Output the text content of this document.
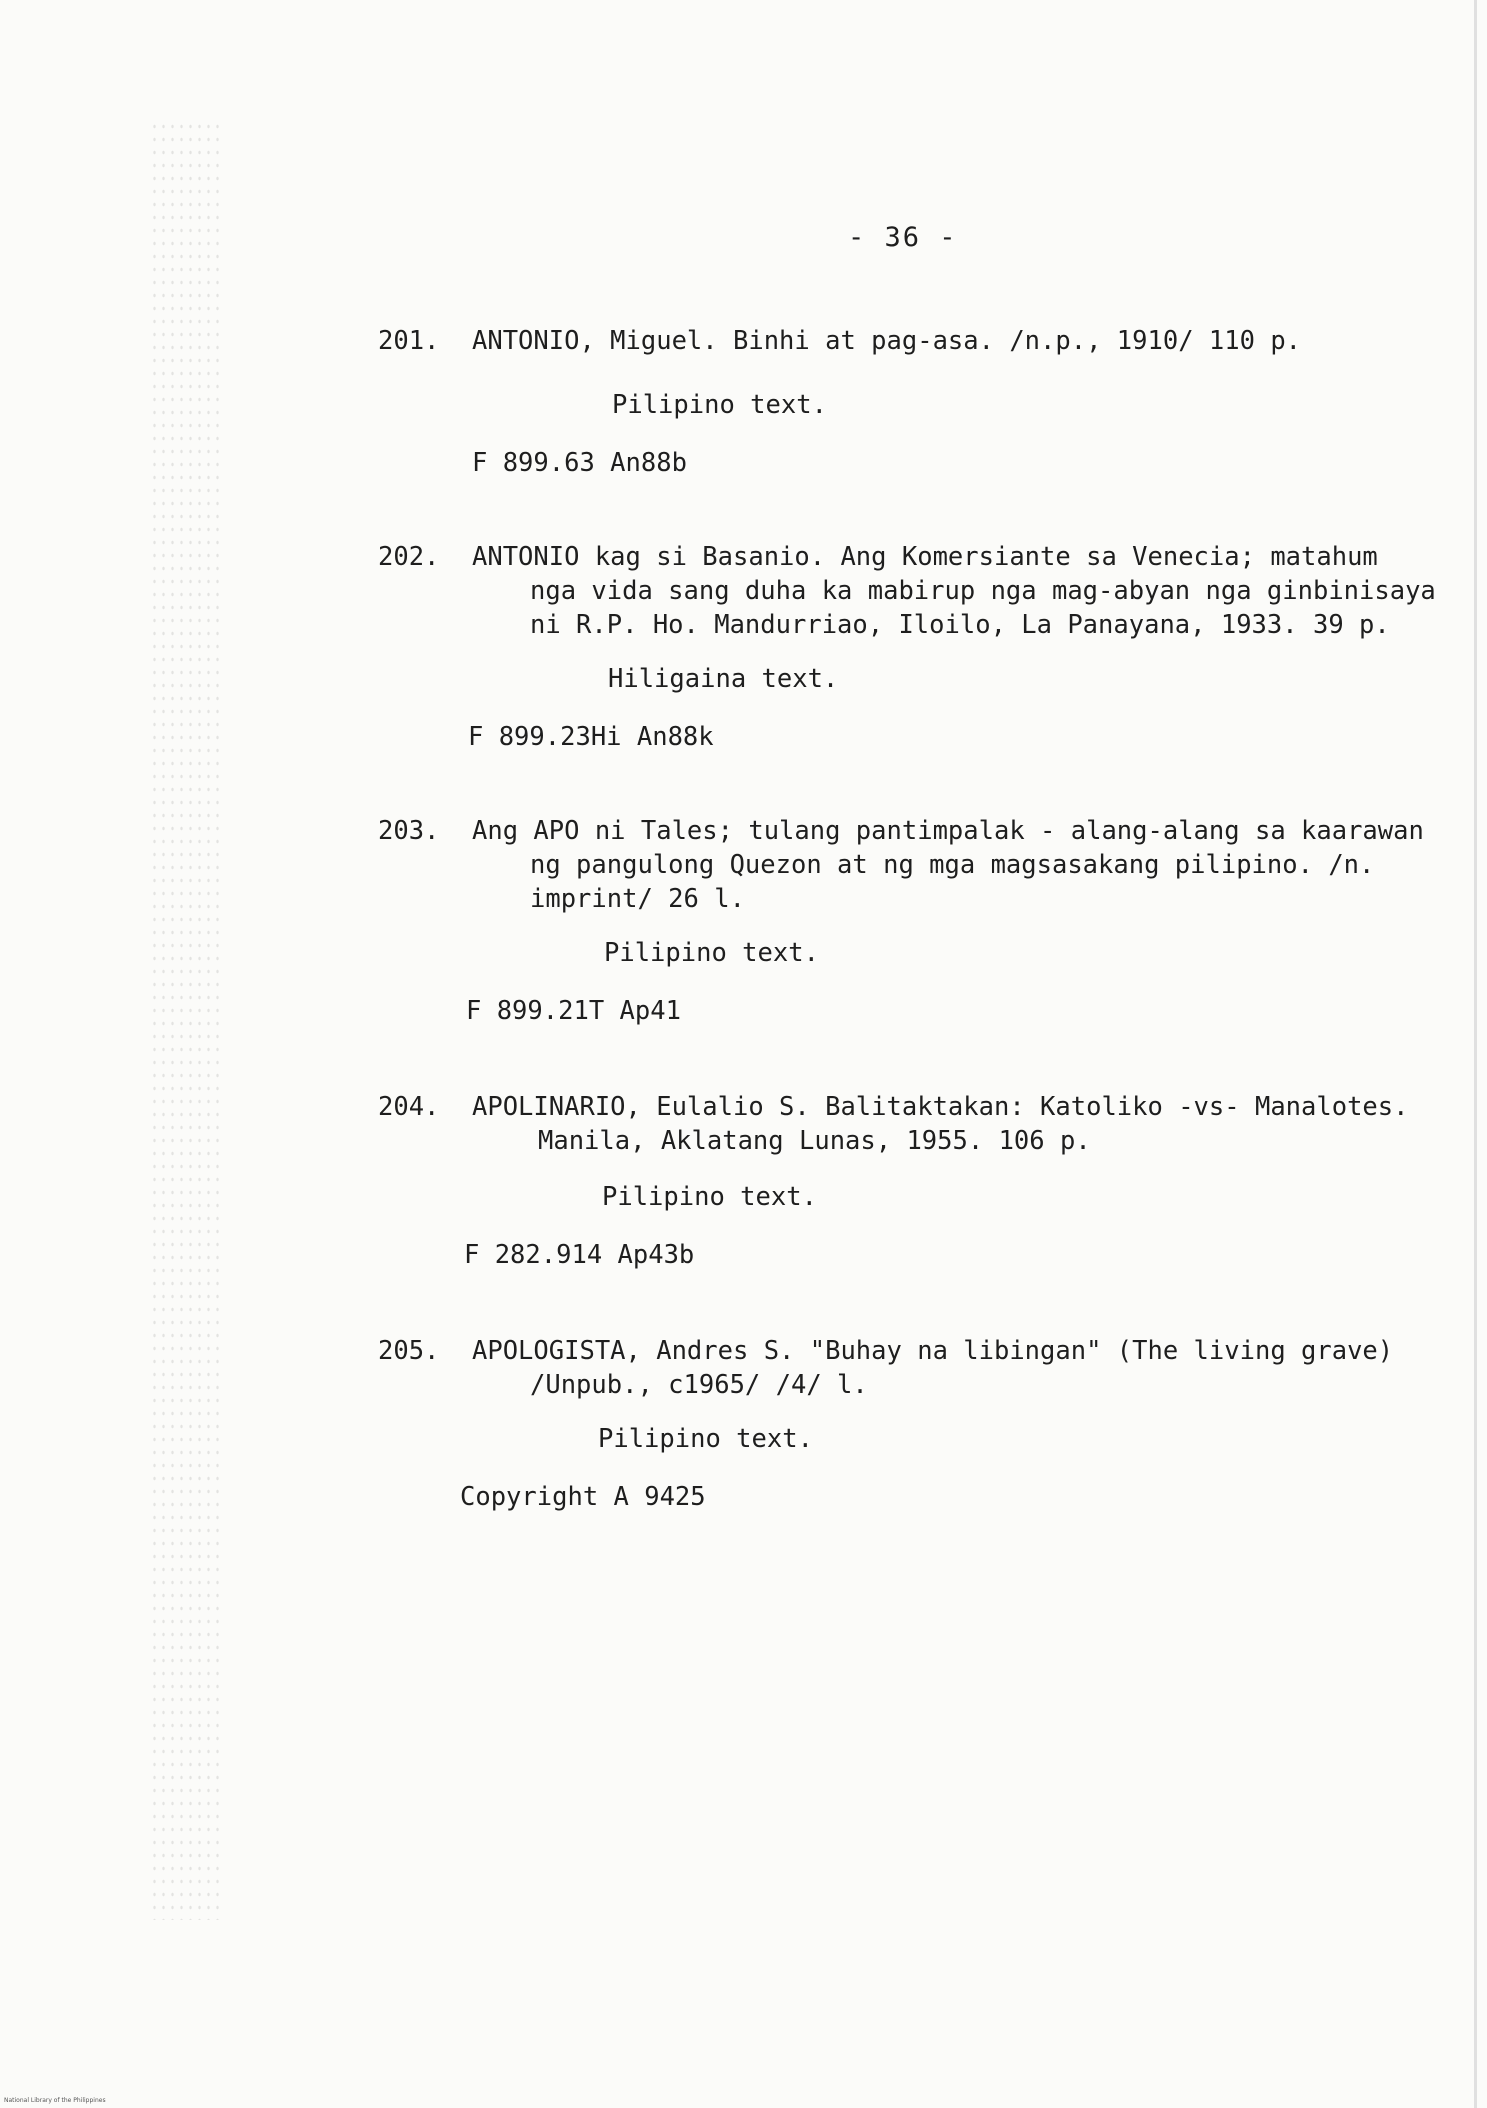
- 36 -
201. ANTONIO, Miguel. Binhi at pag-asa. /n.p., 1910/ 110 p.
Pilipino text.
F 899.63 An88b
202. ANTONIO kag si Basanio. Ang Komersiante sa Venecia; matahum
nga vida sang duha ka mabirup nga mag-abyan nga ginbinisaya
ni R.P. Ho. Mandurriao, Iloilo, La Panayana, 1933. 39 p.
Hiligaina text.
F 899.23Hi An88k
203. Ang APO ni Tales; tulang pantimpalak - alang-alang sa kaarawan
ng pangulong Quezon at ng mga magsasakang pilipino. /n.
imprint/ 26 l.
Pilipino text.
F 899.21T Ap41
204. APOLINARIO, Eulalio S. Balitaktakan: Katoliko -vs- Manalotes.
Manila, Aklatang Lunas, 1955. 106 p.
Pilipino text.
F 282.914 Ap43b
205. APOLOGISTA, Andres S. "Buhay na libingan" (The living grave)
/Unpub., c1965/ /4/ l.
Pilipino text.
Copyright A 9425
National Library of the Philippines
